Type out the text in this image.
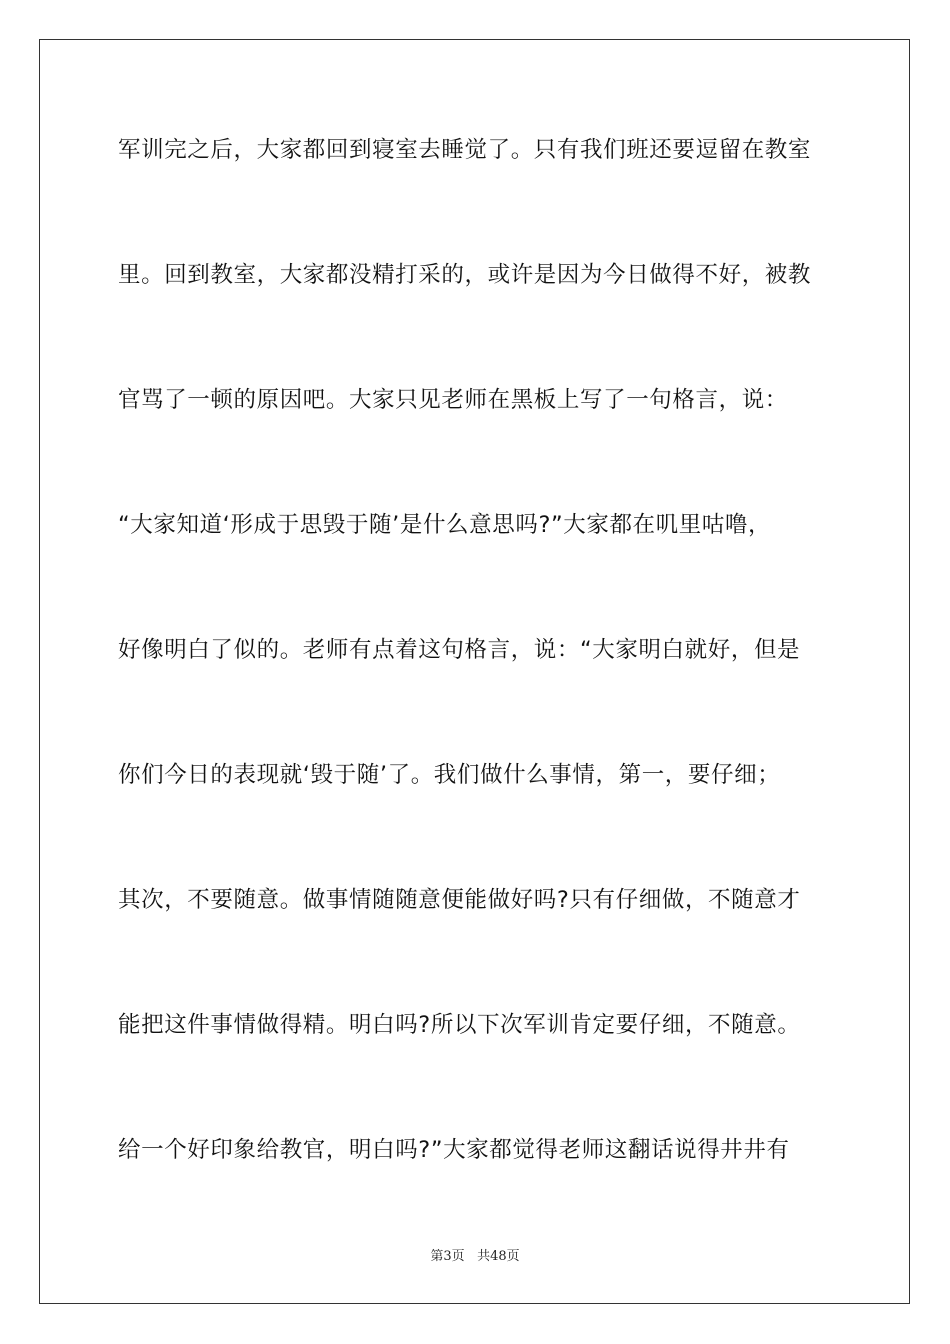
军训完之后，大家都回到寝室去睡觉了。只有我们班还要逗留在教室
里。回到教室，大家都没精打采的，或许是因为今日做得不好，被教
官骂了一顿的原因吧。大家只见老师在黑板上写了一句格言，说：
“大家知道‘形成于思毁于随’是什么意思吗?”大家都在叽里咕噜，
好像明白了似的。老师有点着这句格言，说：“大家明白就好，但是
你们今日的表现就‘毁于随’了。我们做什么事情，第一，要仔细；
其次，不要随意。做事情随随意便能做好吗?只有仔细做，不随意才
能把这件事情做得精。明白吗?所以下次军训肯定要仔细，不随意。
给一个好印象给教官，明白吗?”大家都觉得老师这翻话说得井井有
第3页 共48页
